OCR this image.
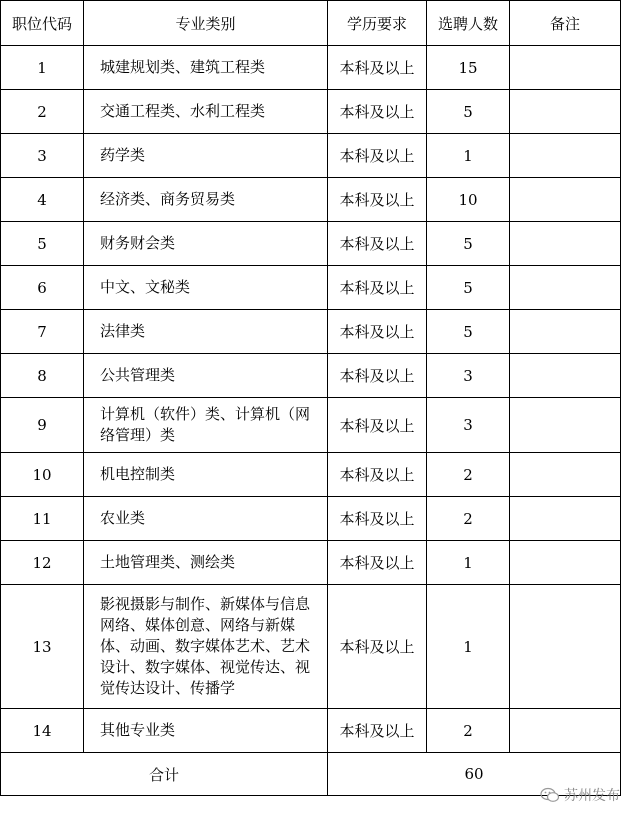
职位代码	专业类别	学历要求	选聘人数	备注
1	城建规划类、建筑工程类	本科及以上	15	
2	交通工程类、水利工程类	本科及以上	5	
3	药学类	本科及以上	1	
4	经济类、商务贸易类	本科及以上	10	
5	财务财会类	本科及以上	5	
6	中文、文秘类	本科及以上	5	
7	法律类	本科及以上	5	
8	公共管理类	本科及以上	3	
9	计算机（软件）类、计算机（网络管理）类	本科及以上	3	
10	机电控制类	本科及以上	2	
11	农业类	本科及以上	2	
12	土地管理类、测绘类	本科及以上	1	
13	影视摄影与制作、新媒体与信息网络、媒体创意、网络与新媒体、动画、数字媒体艺术、艺术设计、数字媒体、视觉传达、视觉传达设计、传播学	本科及以上	1	
14	其他专业类	本科及以上	2	
合计		60		
苏州发布
